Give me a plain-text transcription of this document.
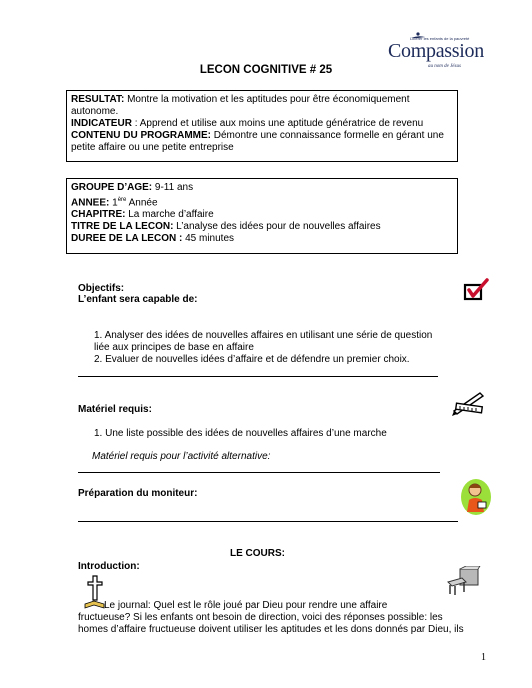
Libérer les enfants de la pauvreté
Compassion
au nom de Jésus
LECON COGNITIVE # 25

RESULTAT: Montre la motivation et les aptitudes pour être économiquement autonome.

INDICATEUR : Apprend et utilise aux moins une aptitude génératrice de revenu

CONTENU DU PROGRAMME: Démontre une connaissance formelle en gérant une petite affaire ou une petite entreprise

GROUPE D’AGE: 9-11 ans

ANNEE: 1ère Année

CHAPITRE: La marche d’affaire

TITRE DE LA LECON: L’analyse des idées pour de nouvelles affaires

DUREE DE LA LECON : 45 minutes

Objectifs:
L’enfant sera capable de:
1. Analyser des idées de nouvelles affaires en utilisant une série de question liée aux principes de base en affaire
2. Evaluer de nouvelles idées d’affaire et de défendre un premier choix.
Matériel requis:
1. Une liste possible des idées de nouvelles affaires d’une marche
Matériel requis pour l’activité alternative:
Préparation du moniteur:
LE COURS:
Introduction:
Le journal: Quel est le rôle joué par Dieu pour rendre une affaire
fructueuse? Si les enfants ont besoin de direction, voici des réponses possible: les
homes d’affaire fructueuse doivent utiliser les aptitudes et les dons donnés par Dieu, ils
1
